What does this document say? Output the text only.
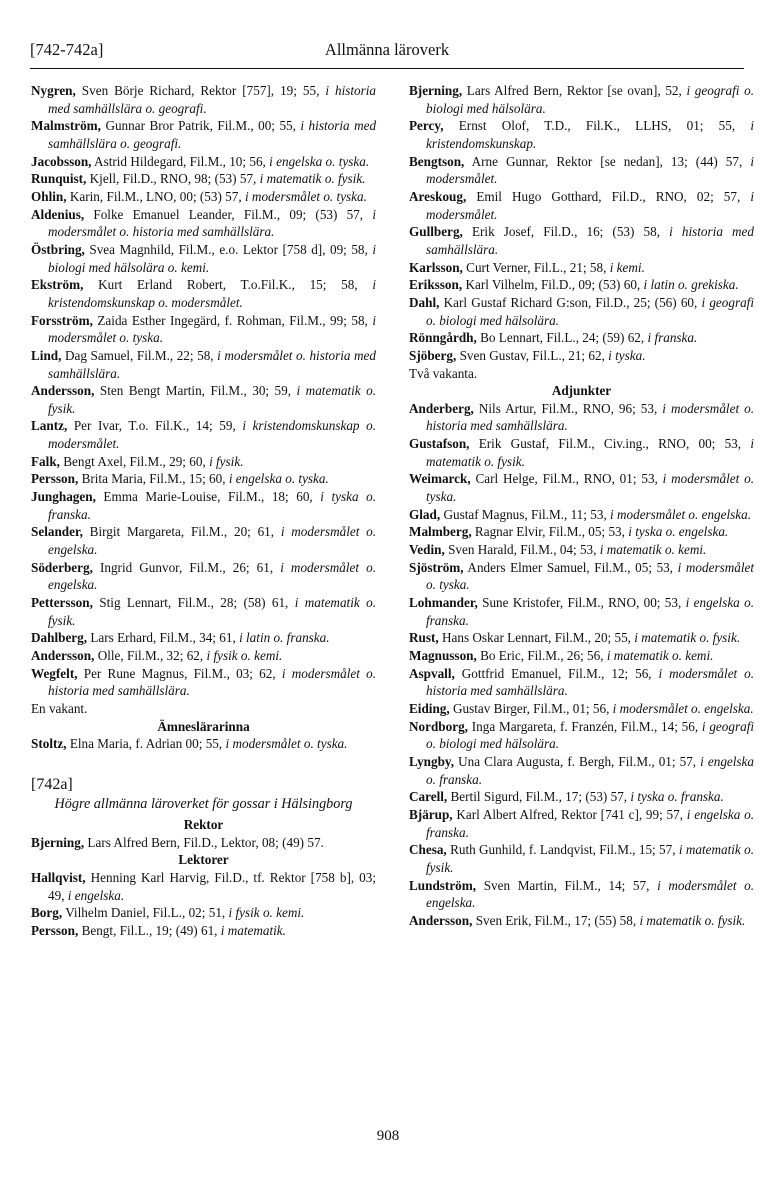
[742-742a]	Allmänna läroverk
Nygren, Sven Börje Richard, Rektor [757], 19; 55, i historia med samhällslära o. geografi.
Malmström, Gunnar Bror Patrik, Fil.M., 00; 55, i historia med samhällslära o. geografi.
Jacobsson, Astrid Hildegard, Fil.M., 10; 56, i engelska o. tyska.
Runquist, Kjell, Fil.D., RNO, 98; (53) 57, i matematik o. fysik.
Ohlin, Karin, Fil.M., LNO, 00; (53) 57, i modersmålet o. tyska.
Aldenius, Folke Emanuel Leander, Fil.M., 09; (53) 57, i modersmålet o. historia med samhällslära.
Östbring, Svea Magnhild, Fil.M., e.o. Lektor [758 d], 09; 58, i biologi med hälsolära o. kemi.
Ekström, Kurt Erland Robert, T.o.Fil.K., 15; 58, i kristendomskunskap o. modersmålet.
Forsström, Zaida Esther Ingegärd, f. Rohman, Fil.M., 99; 58, i modersmålet o. tyska.
Lind, Dag Samuel, Fil.M., 22; 58, i modersmålet o. historia med samhällslära.
Andersson, Sten Bengt Martin, Fil.M., 30; 59, i matematik o. fysik.
Lantz, Per Ivar, T.o. Fil.K., 14; 59, i kristendomskunskap o. modersmålet.
Falk, Bengt Axel, Fil.M., 29; 60, i fysik.
Persson, Brita Maria, Fil.M., 15; 60, i engelska o. tyska.
Junghagen, Emma Marie-Louise, Fil.M., 18; 60, i tyska o. franska.
Selander, Birgit Margareta, Fil.M., 20; 61, i modersmålet o. engelska.
Söderberg, Ingrid Gunvor, Fil.M., 26; 61, i modersmålet o. engelska.
Pettersson, Stig Lennart, Fil.M., 28; (58) 61, i matematik o. fysik.
Dahlberg, Lars Erhard, Fil.M., 34; 61, i latin o. franska.
Andersson, Olle, Fil.M., 32; 62, i fysik o. kemi.
Wegfelt, Per Rune Magnus, Fil.M., 03; 62, i modersmålet o. historia med samhällslära.
En vakant.
Ämneslärarinna
Stoltz, Elna Maria, f. Adrian 00; 55, i modersmålet o. tyska.
[742a]
Högre allmänna läroverket för gossar i Hälsingborg
Rektor
Bjerning, Lars Alfred Bern, Fil.D., Lektor, 08; (49) 57.
Lektorer
Hallqvist, Henning Karl Harvig, Fil.D., tf. Rektor [758 b], 03; 49, i engelska.
Borg, Vilhelm Daniel, Fil.L., 02; 51, i fysik o. kemi.
Persson, Bengt, Fil.L., 19; (49) 61, i matematik.
Bjerning, Lars Alfred Bern, Rektor [se ovan], 52, i geografi o. biologi med hälsolära.
Percy, Ernst Olof, T.D., Fil.K., LLHS, 01; 55, i kristendomskunskap.
Bengtson, Arne Gunnar, Rektor [se nedan], 13; (44) 57, i modersmålet.
Areskoug, Emil Hugo Gotthard, Fil.D., RNO, 02; 57, i modersmålet.
Gullberg, Erik Josef, Fil.D., 16; (53) 58, i historia med samhällslära.
Karlsson, Curt Verner, Fil.L., 21; 58, i kemi.
Eriksson, Karl Vilhelm, Fil.D., 09; (53) 60, i latin o. grekiska.
Dahl, Karl Gustaf Richard G:son, Fil.D., 25; (56) 60, i geografi o. biologi med hälsolära.
Rönngårdh, Bo Lennart, Fil.L., 24; (59) 62, i franska.
Sjöberg, Sven Gustav, Fil.L., 21; 62, i tyska.
Två vakanta.
Adjunkter
Anderberg, Nils Artur, Fil.M., RNO, 96; 53, i modersmålet o. historia med samhällslära.
Gustafson, Erik Gustaf, Fil.M., Civ.ing., RNO, 00; 53, i matematik o. fysik.
Weimarck, Carl Helge, Fil.M., RNO, 01; 53, i modersmålet o. tyska.
Glad, Gustaf Magnus, Fil.M., 11; 53, i modersmålet o. engelska.
Malmberg, Ragnar Elvir, Fil.M., 05; 53, i tyska o. engelska.
Vedin, Sven Harald, Fil.M., 04; 53, i matematik o. kemi.
Sjöström, Anders Elmer Samuel, Fil.M., 05; 53, i modersmålet o. tyska.
Lohmander, Sune Kristofer, Fil.M., RNO, 00; 53, i engelska o. franska.
Rust, Hans Oskar Lennart, Fil.M., 20; 55, i matematik o. fysik.
Magnusson, Bo Eric, Fil.M., 26; 56, i matematik o. kemi.
Aspvall, Gottfrid Emanuel, Fil.M., 12; 56, i modersmålet o. historia med samhällslära.
Eiding, Gustav Birger, Fil.M., 01; 56, i modersmålet o. engelska.
Nordborg, Inga Margareta, f. Franzén, Fil.M., 14; 56, i geografi o. biologi med hälsolära.
Lyngby, Una Clara Augusta, f. Bergh, Fil.M., 01; 57, i engelska o. franska.
Carell, Bertil Sigurd, Fil.M., 17; (53) 57, i tyska o. franska.
Bjärup, Karl Albert Alfred, Rektor [741 c], 99; 57, i engelska o. franska.
Chesa, Ruth Gunhild, f. Landqvist, Fil.M., 15; 57, i matematik o. fysik.
Lundström, Sven Martin, Fil.M., 14; 57, i modersmålet o. engelska.
Andersson, Sven Erik, Fil.M., 17; (55) 58, i matematik o. fysik.
908
